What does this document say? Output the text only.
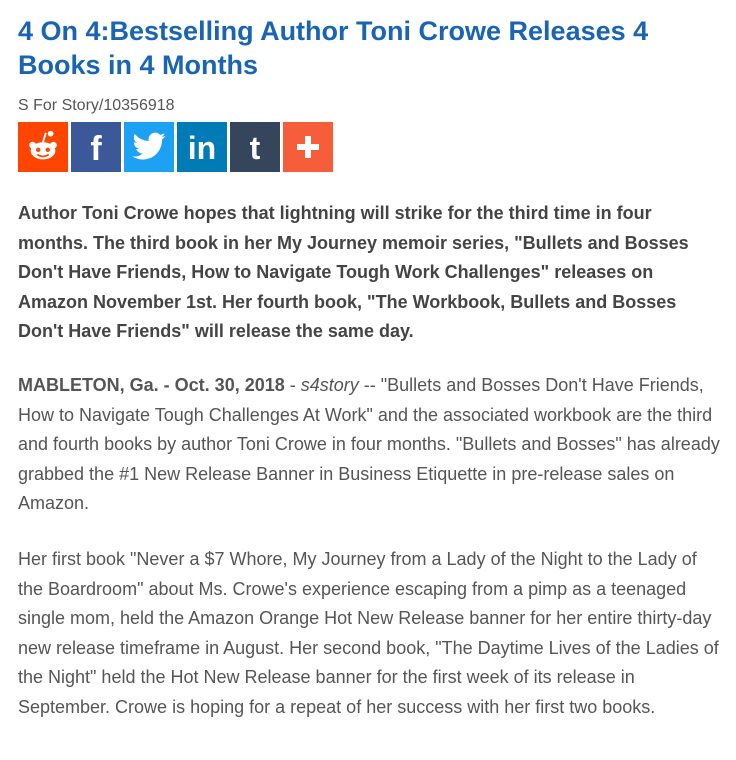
4 On 4:Bestselling Author Toni Crowe Releases 4 Books in 4 Months
S For Story/10356918
f	in t

Author Toni Crowe hopes that lightning will strike for the third time in four months. The third book in her My Journey memoir series, "Bullets and Bosses Don't Have Friends, How to Navigate Tough Work Challenges" releases on Amazon November 1st. Her fourth book, "The Workbook, Bullets and Bosses Don't Have Friends" will release the same day.

MABLETON, Ga. - Oct. 30, 2018 - s4story -- "Bullets and Bosses Don't Have Friends, How to Navigate Tough Challenges At Work" and the associated workbook are the third and fourth books by author Toni Crowe in four months. "Bullets and Bosses" has already grabbed the #1 New Release Banner in Business Etiquette in pre-release sales on Amazon.

Her first book "Never a $7 Whore, My Journey from a Lady of the Night to the Lady of the Boardroom" about Ms. Crowe's experience escaping from a pimp as a teenaged single mom, held the Amazon Orange Hot New Release banner for her entire thirty-day new release timeframe in August. Her second book, "The Daytime Lives of the Ladies of the Night" held the Hot New Release banner for the first week of its release in September. Crowe is hoping for a repeat of her success with her first two books.
